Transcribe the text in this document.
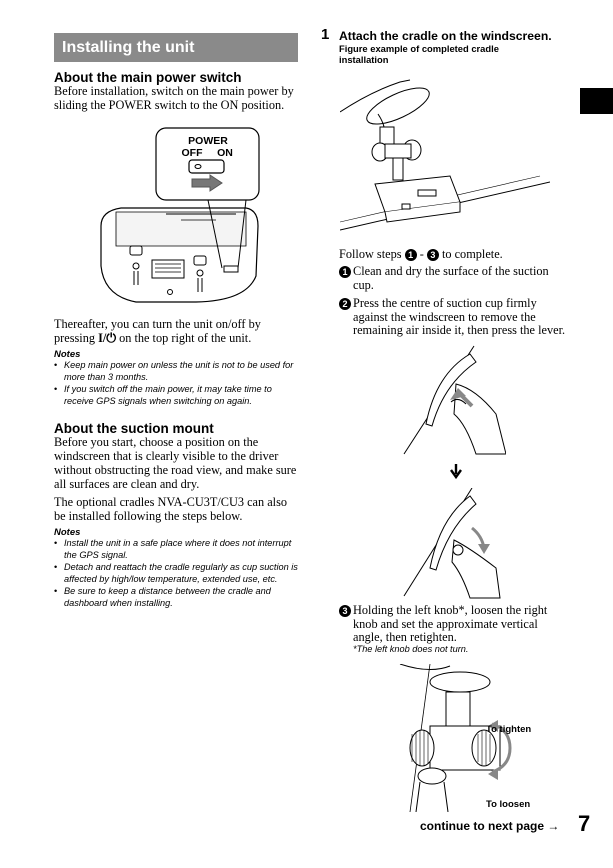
Installing the unit
About the main power switch
Before installation, switch on the main power by sliding the POWER switch to the ON position.
POWER
OFF ON
Thereafter, you can turn the unit on/off by
pressing I/⏻ on the top right of the unit.
Notes
• Keep main power on unless the unit is not to be used for more than 3 months.
• If you switch off the main power, it may take time to receive GPS signals when switching on again.
About the suction mount
Before you start, choose a position on the windscreen that is clearly visible to the driver without obstructing the road view, and make sure all surfaces are clean and dry.
The optional cradles NVA-CU3T/CU3 can also be installed following the steps below.
Notes
• Install the unit in a safe place where it does not interrupt the GPS signal.
• Detach and reattach the cradle regularly as cup suction is affected by high/low temperature, extended use, etc.
• Be sure to keep a distance between the cradle and dashboard when installing.
1 Attach the cradle on the windscreen.
Figure example of completed cradle installation
Follow steps 1 - 3 to complete.
1 Clean and dry the surface of the suction cup.
2 Press the centre of suction cup firmly against the windscreen to remove the remaining air inside it, then press the lever.
3 Holding the left knob*, loosen the right knob and set the approximate vertical angle, then retighten.
*The left knob does not turn.
To tighten
To loosen
continue to next page → 7
